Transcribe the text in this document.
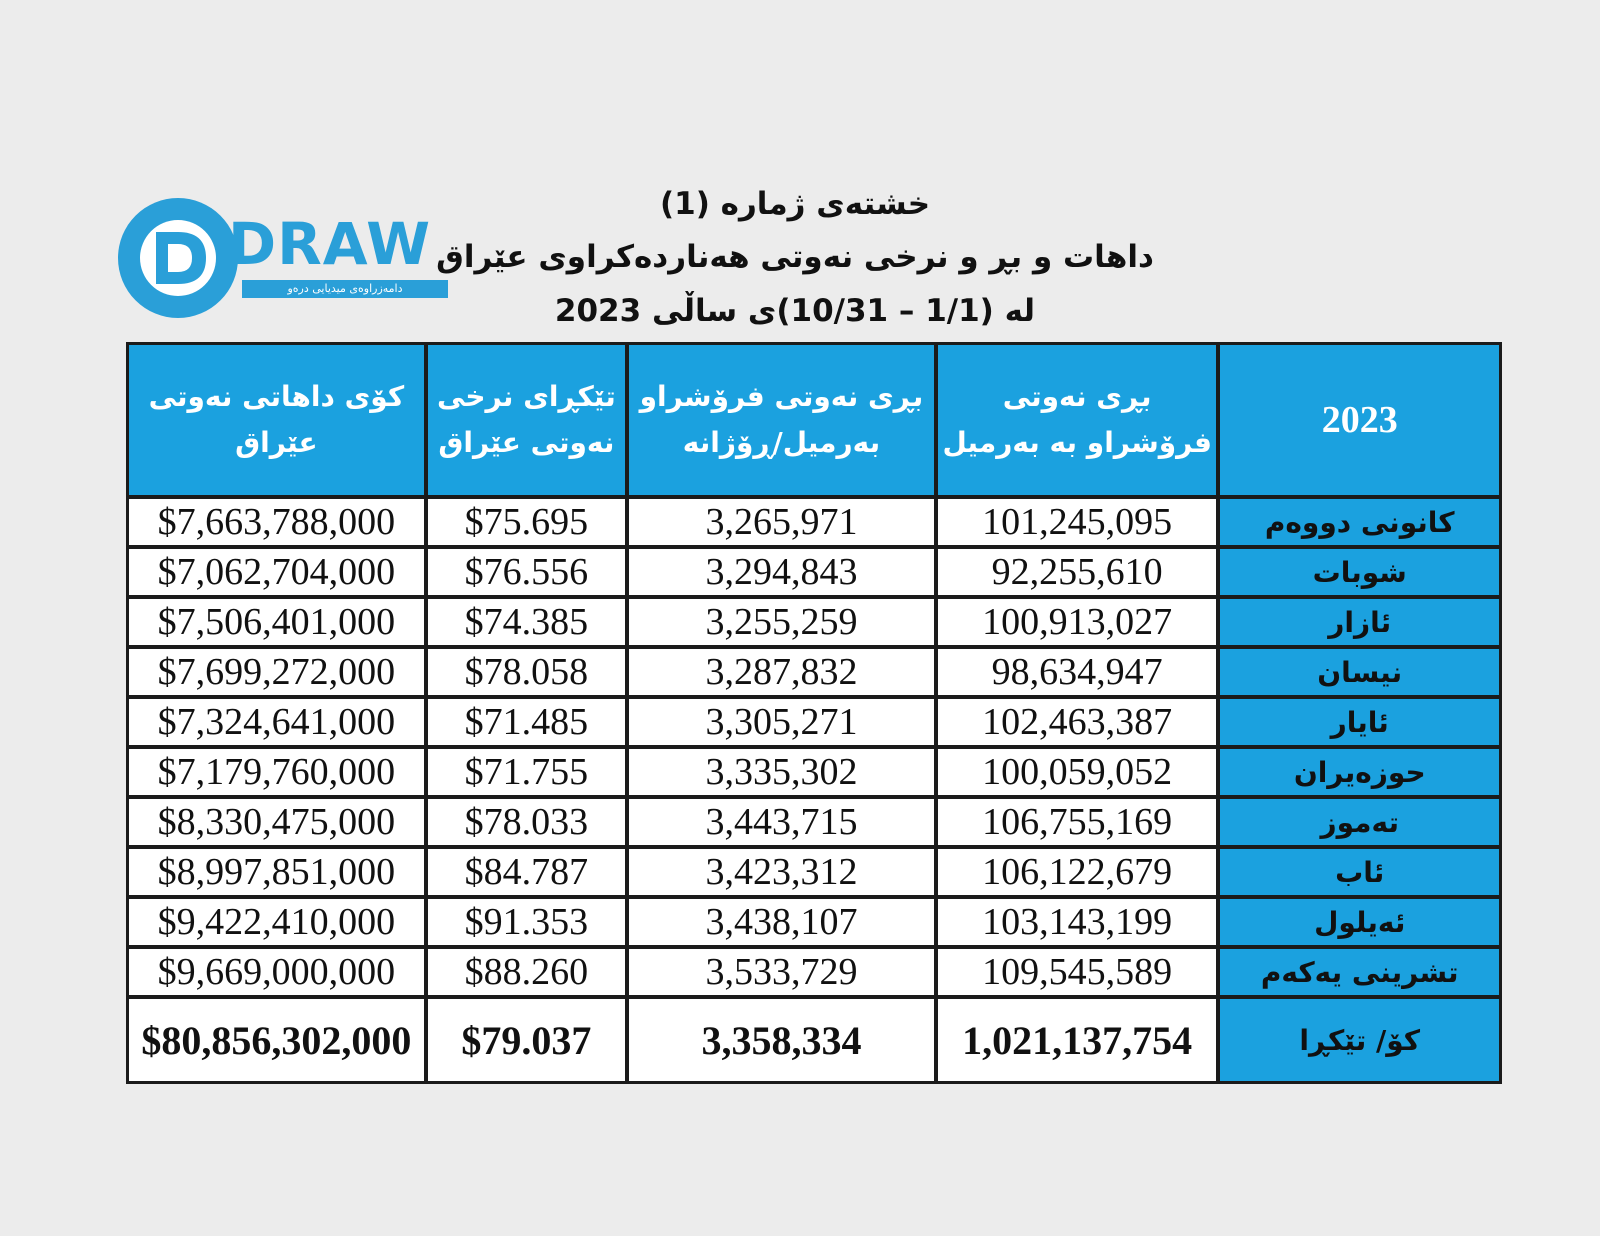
DRAW
دامەزراوەی میدیایی درەو
خشتەی ژمارە (1)
داهات و بڕ و نرخی نەوتی هەناردەکراوی عێراق
لە (1/1 – 10/31)ی ساڵی 2023
کۆی داهاتی نەوتی عێراق	تێکڕای نرخی نەوتی عێراق	بڕی نەوتی فرۆشراو بەرمیل/ڕۆژانە	بڕی نەوتی فرۆشراو بە بەرمیل	2023
$7,663,788,000	$75.695	3,265,971	101,245,095	کانونی دووەم
$7,062,704,000	$76.556	3,294,843	92,255,610	شوبات
$7,506,401,000	$74.385	3,255,259	100,913,027	ئازار
$7,699,272,000	$78.058	3,287,832	98,634,947	نیسان
$7,324,641,000	$71.485	3,305,271	102,463,387	ئایار
$7,179,760,000	$71.755	3,335,302	100,059,052	حوزەیران
$8,330,475,000	$78.033	3,443,715	106,755,169	تەموز
$8,997,851,000	$84.787	3,423,312	106,122,679	ئاب
$9,422,410,000	$91.353	3,438,107	103,143,199	ئەیلول
$9,669,000,000	$88.260	3,533,729	109,545,589	تشرینی یەکەم
$80,856,302,000	$79.037	3,358,334	1,021,137,754	کۆ/ تێکڕا
